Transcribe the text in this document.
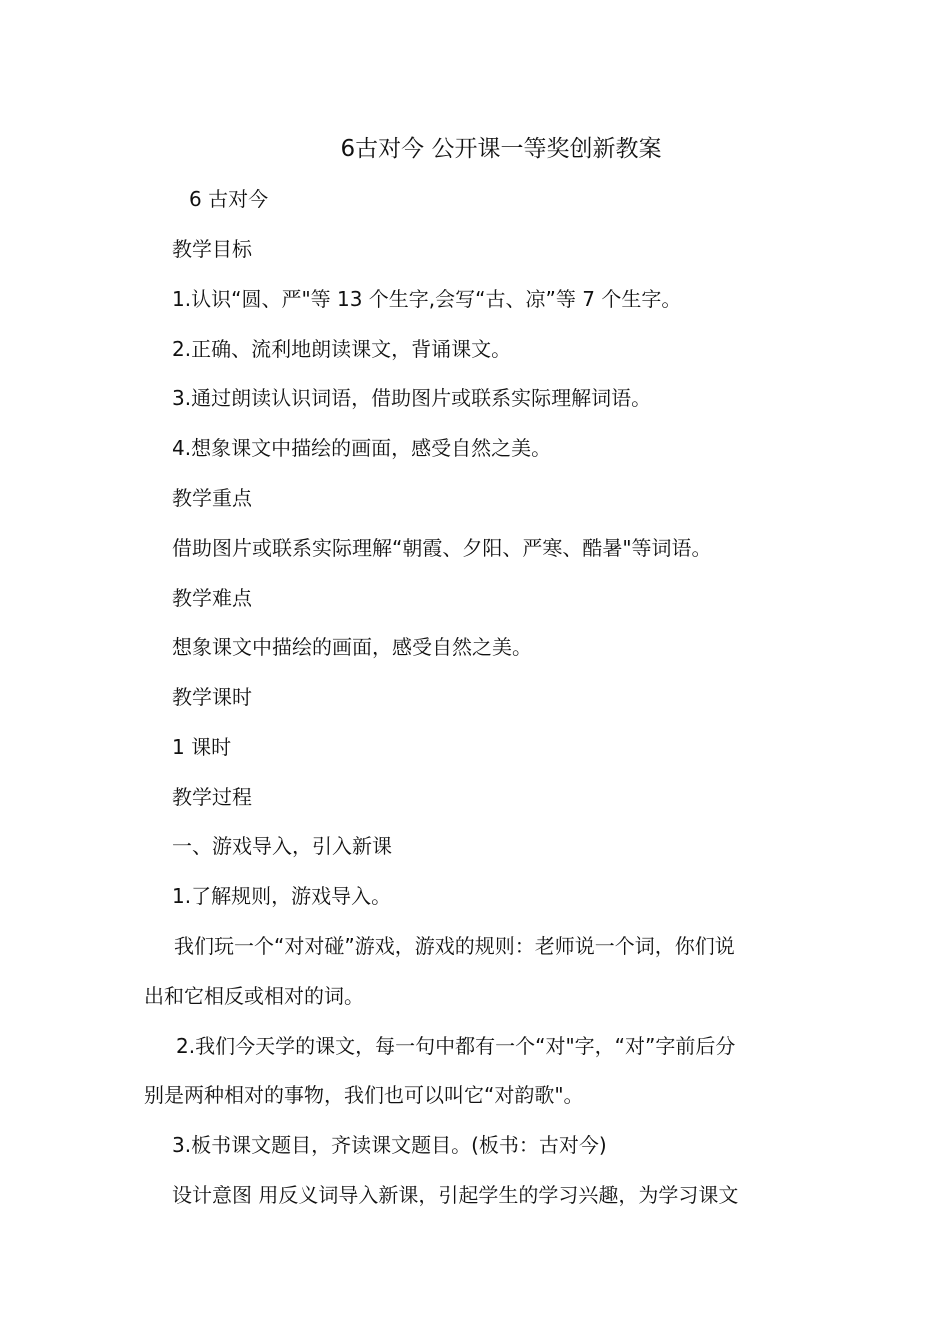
6古对今 公开课一等奖创新教案
6 古对今
教学目标
1.认识“圆、严"等 13 个生字,会写“古、凉”等 7 个生字。
2.正确、流利地朗读课文，背诵课文。
3.通过朗读认识词语，借助图片或联系实际理解词语。
4.想象课文中描绘的画面，感受自然之美。
教学重点
借助图片或联系实际理解“朝霞、夕阳、严寒、酷暑"等词语。
教学难点
想象课文中描绘的画面，感受自然之美。
教学课时
1 课时
教学过程
一、游戏导入，引入新课
1.了解规则，游戏导入。
我们玩一个“对对碰”游戏，游戏的规则：老师说一个词，你们说
出和它相反或相对的词。
2.我们今天学的课文，每一句中都有一个“对"字，“对”字前后分
别是两种相对的事物，我们也可以叫它“对韵歌"。
3.板书课文题目，齐读课文题目。(板书：古对今)
设计意图 用反义词导入新课，引起学生的学习兴趣，为学习课文
